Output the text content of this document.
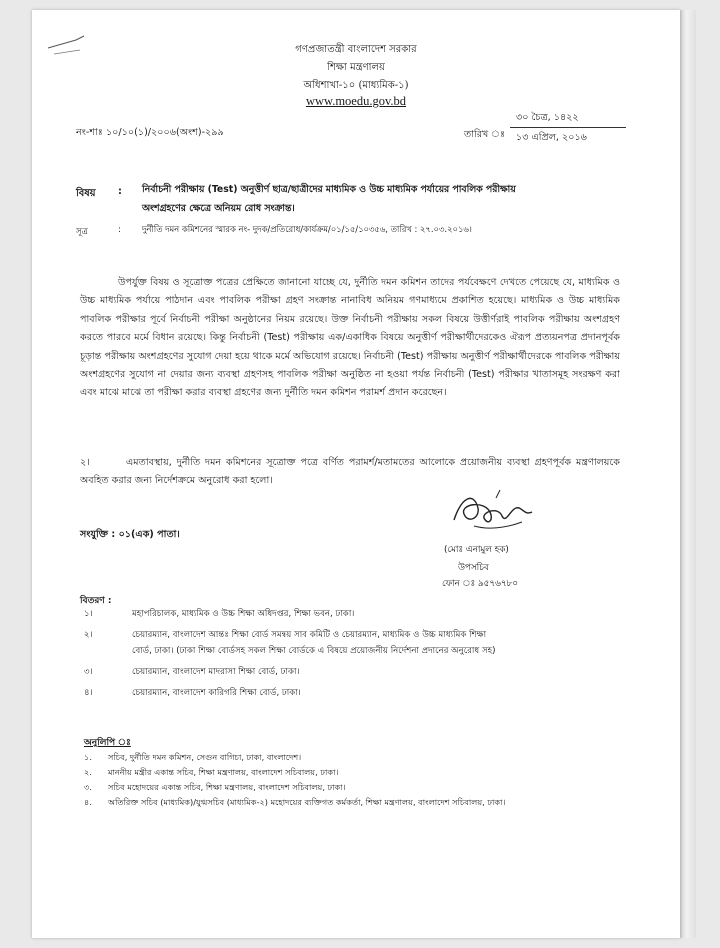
গণপ্রজাতন্ত্রী বাংলাদেশ সরকার
শিক্ষা মন্ত্রণালয়
অধিশাখা-১০ (মাধ্যমিক-১)
www.moedu.gov.bd
নং-শাঃ ১০/১০(১)/২০০৬(অংশ)-২৯৯	তারিখ ঃ
৩০ চৈত্র, ১৪২২
১৩ এপ্রিল, ২০১৬
বিষয় : নির্বাচনী পরীক্ষায় (Test) অনুত্তীর্ণ ছাত্র/ছাত্রীদের মাধ্যমিক ও উচ্চ মাধ্যমিক পর্যায়ের পাবলিক পরীক্ষায়
অংশগ্রহণের ক্ষেত্রে অনিয়ম রোধ সংক্রান্ত।
সূত্র	:	দুর্নীতি দমন কমিশনের স্মারক নং- দুদক/প্রতিরোধ/কার্যক্রম/০১/১৫/১০৩৫৬, তারিখ : ২৭.০৩.২০১৬।
উপর্যুক্ত বিষয় ও সূত্রোক্ত পত্রের প্রেক্ষিতে জানানো যাচ্ছে যে, দুর্নীতি দমন কমিশন তাদের পর্যবেক্ষণে দেখতে পেয়েছে যে, মাধ্যমিক ও উচ্চ মাধ্যমিক পর্যায়ে পাঠদান এবং পাবলিক পরীক্ষা গ্রহণ সংক্রান্ত নানাবিধ অনিয়ম গণমাধ্যমে প্রকাশিত হয়েছে। মাধ্যমিক ও উচ্চ মাধ্যমিক পাবলিক পরীক্ষার পূর্বে নির্বাচনী পরীক্ষা অনুষ্ঠানের নিয়ম রয়েছে। উক্ত নির্বাচনী পরীক্ষায় সকল বিষয়ে উত্তীর্ণরাই পাবলিক পরীক্ষায় অংশগ্রহণ করতে পারবে মর্মে বিধান রয়েছে। কিন্তু নির্বাচনী (Test) পরীক্ষায় এক/একাধিক বিষয়ে অনুত্তীর্ণ পরীক্ষার্থীদেরকেও ঐরূপ প্রত্যয়নপত্র প্রদানপূর্বক চূড়ান্ত পরীক্ষায় অংশগ্রহণের সুযোগ দেয়া হয়ে থাকে মর্মে অভিযোগ রয়েছে। নির্বাচনী (Test) পরীক্ষায় অনুত্তীর্ণ পরীক্ষার্থীদেরকে পাবলিক পরীক্ষায় অংশগ্রহণের সুযোগ না দেয়ার জন্য ব্যবস্থা গ্রহণসহ পাবলিক পরীক্ষা অনুষ্ঠিত না হওয়া পর্যন্ত নির্বাচনী (Test) পরীক্ষার খাতাসমূহ সংরক্ষণ করা এবং মাঝে মাঝে তা পরীক্ষা করার ব্যবস্থা গ্রহণের জন্য দুর্নীতি দমন কমিশন পরামর্শ প্রদান করেছেন।
২।	এমতাবস্থায়, দুর্নীতি দমন কমিশনের সূত্রোক্ত পত্রে বর্ণিত পরামর্শ/মতামতের আলোকে প্রয়োজনীয় ব্যবস্থা গ্রহণপূর্বক মন্ত্রণালয়কে অবহিত করার জন্য নির্দেশক্রমে অনুরোধ করা হলো।
সংযুক্তি : ০১(এক) পাতা।
(মোঃ এনামুল হক)
উপসচিব
ফোন ঃ ৯৫৭৬৭৮০
বিতরণ :
১।	মহাপরিচালক, মাধ্যমিক ও উচ্চ শিক্ষা অধিদপ্তর, শিক্ষা ভবন, ঢাকা।
২।	চেয়ারম্যান, বাংলাদেশ আন্তঃ শিক্ষা বোর্ড সমন্বয় সাব কমিটি ও চেয়ারম্যান, মাধ্যমিক ও উচ্চ মাধ্যমিক শিক্ষা
বোর্ড, ঢাকা। (ঢাকা শিক্ষা বোর্ডসহ সকল শিক্ষা বোর্ডকে এ বিষয়ে প্রয়োজনীয় নির্দেশনা প্রদানের অনুরোধ সহ)
৩।	চেয়ারম্যান, বাংলাদেশ মাদরাসা শিক্ষা বোর্ড, ঢাকা।
৪।	চেয়ারম্যান, বাংলাদেশ কারিগরি শিক্ষা বোর্ড, ঢাকা।
অনুলিপি ঃ
১. সচিব, দুর্নীতি দমন কমিশন, সেগুন বাগিচা, ঢাকা, বাংলাদেশ।
২. মাননীয় মন্ত্রীর একান্ত সচিব, শিক্ষা মন্ত্রণালয়, বাংলাদেশ সচিবালয়, ঢাকা।
৩. সচিব মহোদয়ের একান্ত সচিব, শিক্ষা মন্ত্রণালয়, বাংলাদেশ সচিবালয়, ঢাকা।
৪. অতিরিক্ত সচিব (মাধ্যমিক)/যুগ্মসচিব (মাধ্যমিক-২) মহোদয়ের ব্যক্তিগত কর্মকর্তা, শিক্ষা মন্ত্রণালয়, বাংলাদেশ সচিবালয়, ঢাকা।
